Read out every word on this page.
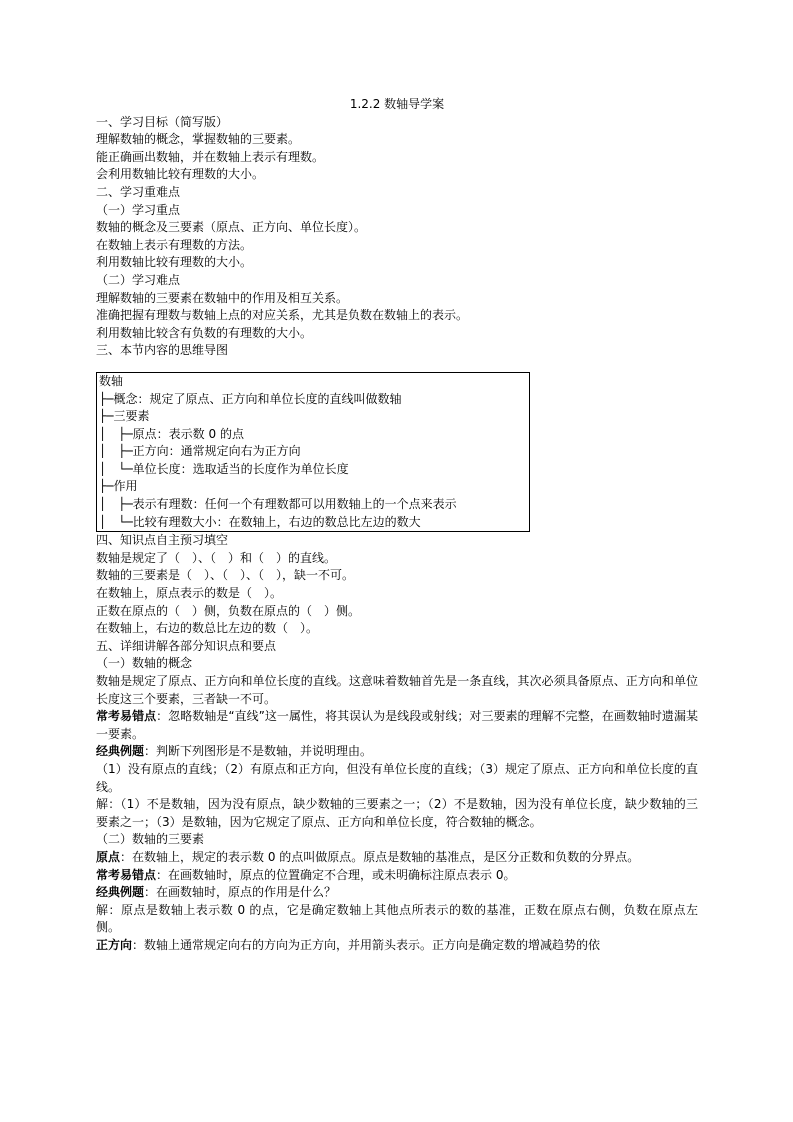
1.2.2 数轴导学案

一、学习目标（简写版）

理解数轴的概念，掌握数轴的三要素。

能正确画出数轴，并在数轴上表示有理数。

会利用数轴比较有理数的大小。

二、学习重难点

（一）学习重点

数轴的概念及三要素（原点、正方向、单位长度）。

在数轴上表示有理数的方法。

利用数轴比较有理数的大小。

（二）学习难点

理解数轴的三要素在数轴中的作用及相互关系。

准确把握有理数与数轴上点的对应关系，尤其是负数在数轴上的表示。

利用数轴比较含有负数的有理数的大小。

三、本节内容的思维导图

数轴
├─概念：规定了原点、正方向和单位长度的直线叫做数轴
├─三要素
│　├─原点：表示数 0 的点
│　├─正方向：通常规定向右为正方向
│　└─单位长度：选取适当的长度作为单位长度
├─作用
│　├─表示有理数：任何一个有理数都可以用数轴上的一个点来表示
│　└─比较有理数大小：在数轴上，右边的数总比左边的数大

四、知识点自主预习填空

数轴是规定了（　）、（　）和（　）的直线。

数轴的三要素是（　）、（　）、（　），缺一不可。

在数轴上，原点表示的数是（　）。

正数在原点的（　）侧，负数在原点的（　）侧。

在数轴上，右边的数总比左边的数（　）。

五、详细讲解各部分知识点和要点

（一）数轴的概念

数轴是规定了原点、正方向和单位长度的直线。这意味着数轴首先是一条直线，其次必须具备原点、正方向和单位长度这三个要素，三者缺一不可。

常考易错点：忽略数轴是“直线”这一属性，将其误认为是线段或射线；对三要素的理解不完整，在画数轴时遗漏某一要素。

经典例题：判断下列图形是不是数轴，并说明理由。

（1）没有原点的直线；（2）有原点和正方向，但没有单位长度的直线；（3）规定了原点、正方向和单位长度的直线。

解：（1）不是数轴，因为没有原点，缺少数轴的三要素之一；（2）不是数轴，因为没有单位长度，缺少数轴的三要素之一；（3）是数轴，因为它规定了原点、正方向和单位长度，符合数轴的概念。

（二）数轴的三要素

原点：在数轴上，规定的表示数 0 的点叫做原点。原点是数轴的基准点，是区分正数和负数的分界点。

常考易错点：在画数轴时，原点的位置确定不合理，或未明确标注原点表示 0。

经典例题：在画数轴时，原点的作用是什么？

解：原点是数轴上表示数 0 的点，它是确定数轴上其他点所表示的数的基准，正数在原点右侧，负数在原点左侧。

正方向：数轴上通常规定向右的方向为正方向，并用箭头表示。正方向是确定数的增减趋势的依
